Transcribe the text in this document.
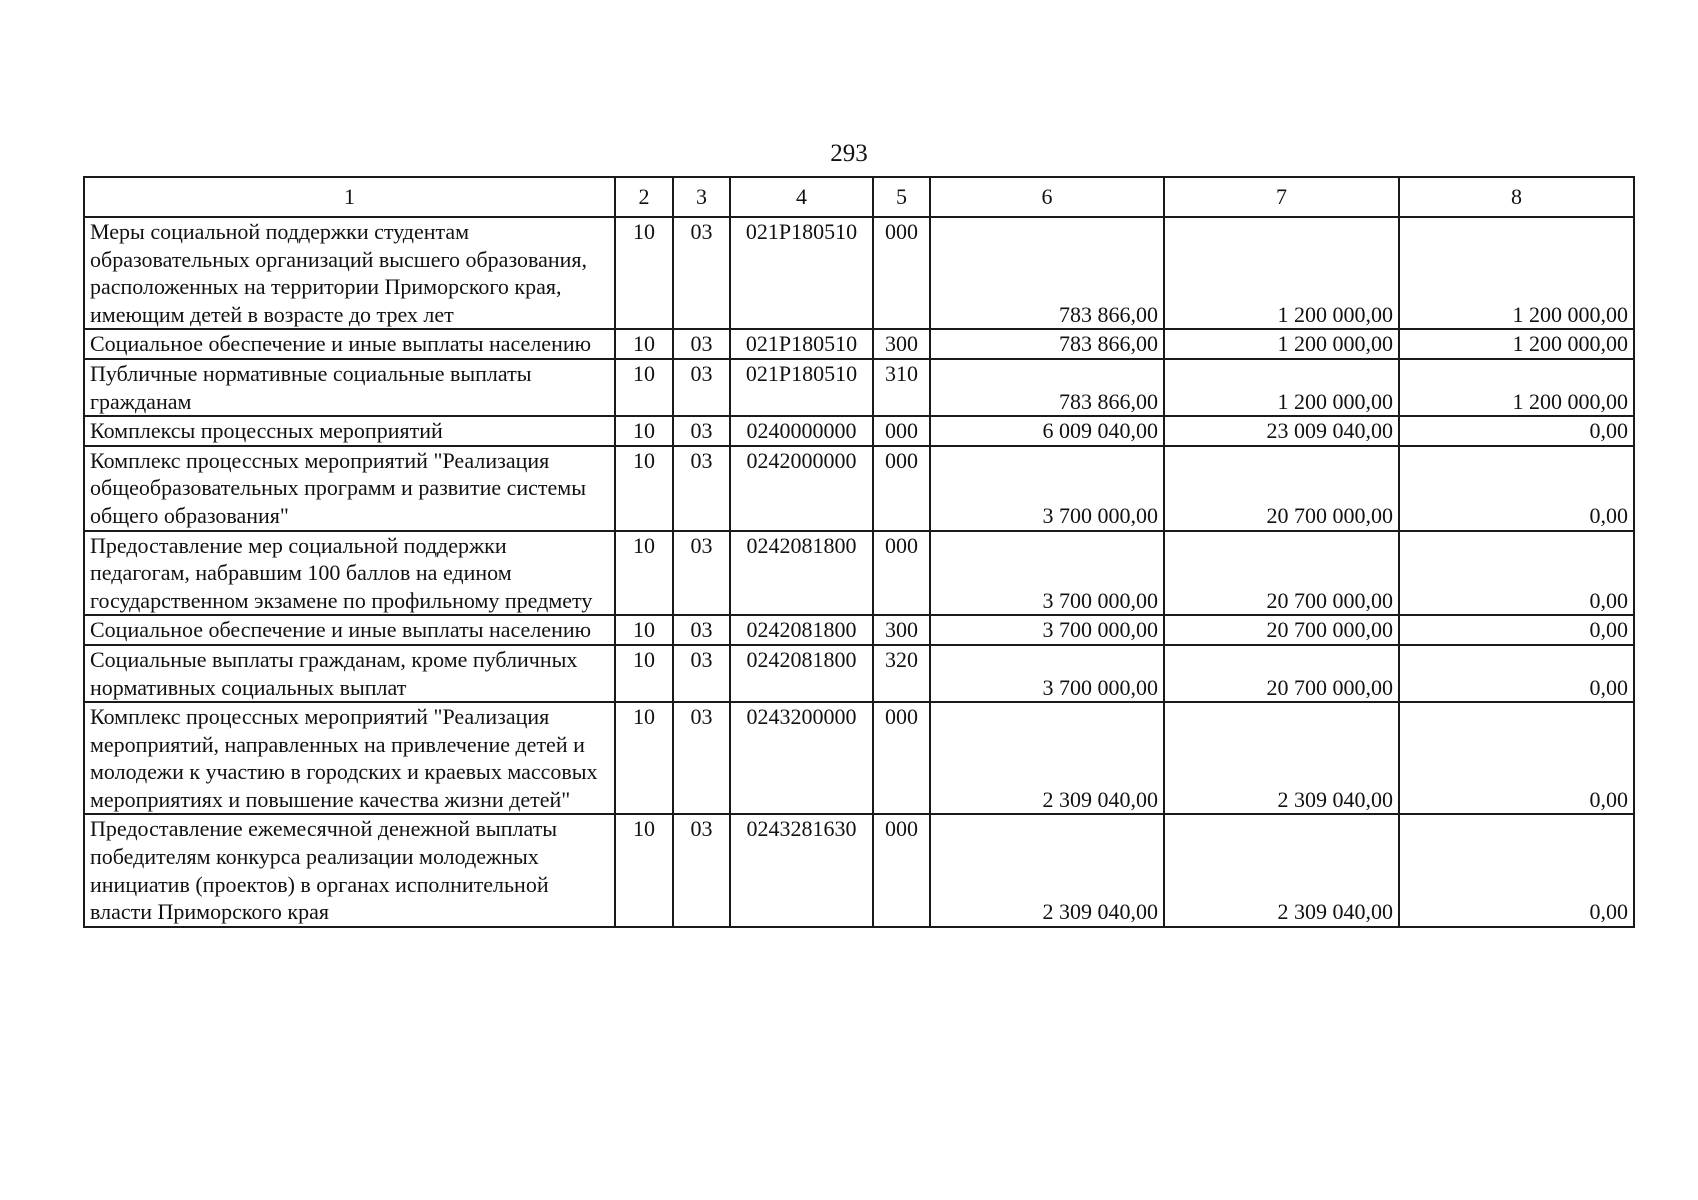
293
1	2	3	4	5	6	7	8
Меры социальной поддержки студентам образовательных организаций высшего образования, расположенных на территории Приморского края, имеющим детей в возрасте до трех лет	10	03	021P180510	000	783 866,00	1 200 000,00	1 200 000,00
Социальное обеспечение и иные выплаты населению	10	03	021P180510	300	783 866,00	1 200 000,00	1 200 000,00
Публичные нормативные социальные выплаты гражданам	10	03	021P180510	310	783 866,00	1 200 000,00	1 200 000,00
Комплексы процессных мероприятий	10	03	0240000000	000	6 009 040,00	23 009 040,00	0,00
Комплекс процессных мероприятий "Реализация общеобразовательных программ и развитие системы общего образования"	10	03	0242000000	000	3 700 000,00	20 700 000,00	0,00
Предоставление мер социальной поддержки педагогам, набравшим 100 баллов на едином государственном экзамене по профильному предмету	10	03	0242081800	000	3 700 000,00	20 700 000,00	0,00
Социальное обеспечение и иные выплаты населению	10	03	0242081800	300	3 700 000,00	20 700 000,00	0,00
Социальные выплаты гражданам, кроме публичных нормативных социальных выплат	10	03	0242081800	320	3 700 000,00	20 700 000,00	0,00
Комплекс процессных мероприятий "Реализация мероприятий, направленных на привлечение детей и молодежи к участию в городских и краевых массовых мероприятиях и повышение качества жизни детей"	10	03	0243200000	000	2 309 040,00	2 309 040,00	0,00
Предоставление ежемесячной денежной выплаты победителям конкурса реализации молодежных инициатив (проектов) в органах исполнительной власти Приморского края	10	03	0243281630	000	2 309 040,00	2 309 040,00	0,00
